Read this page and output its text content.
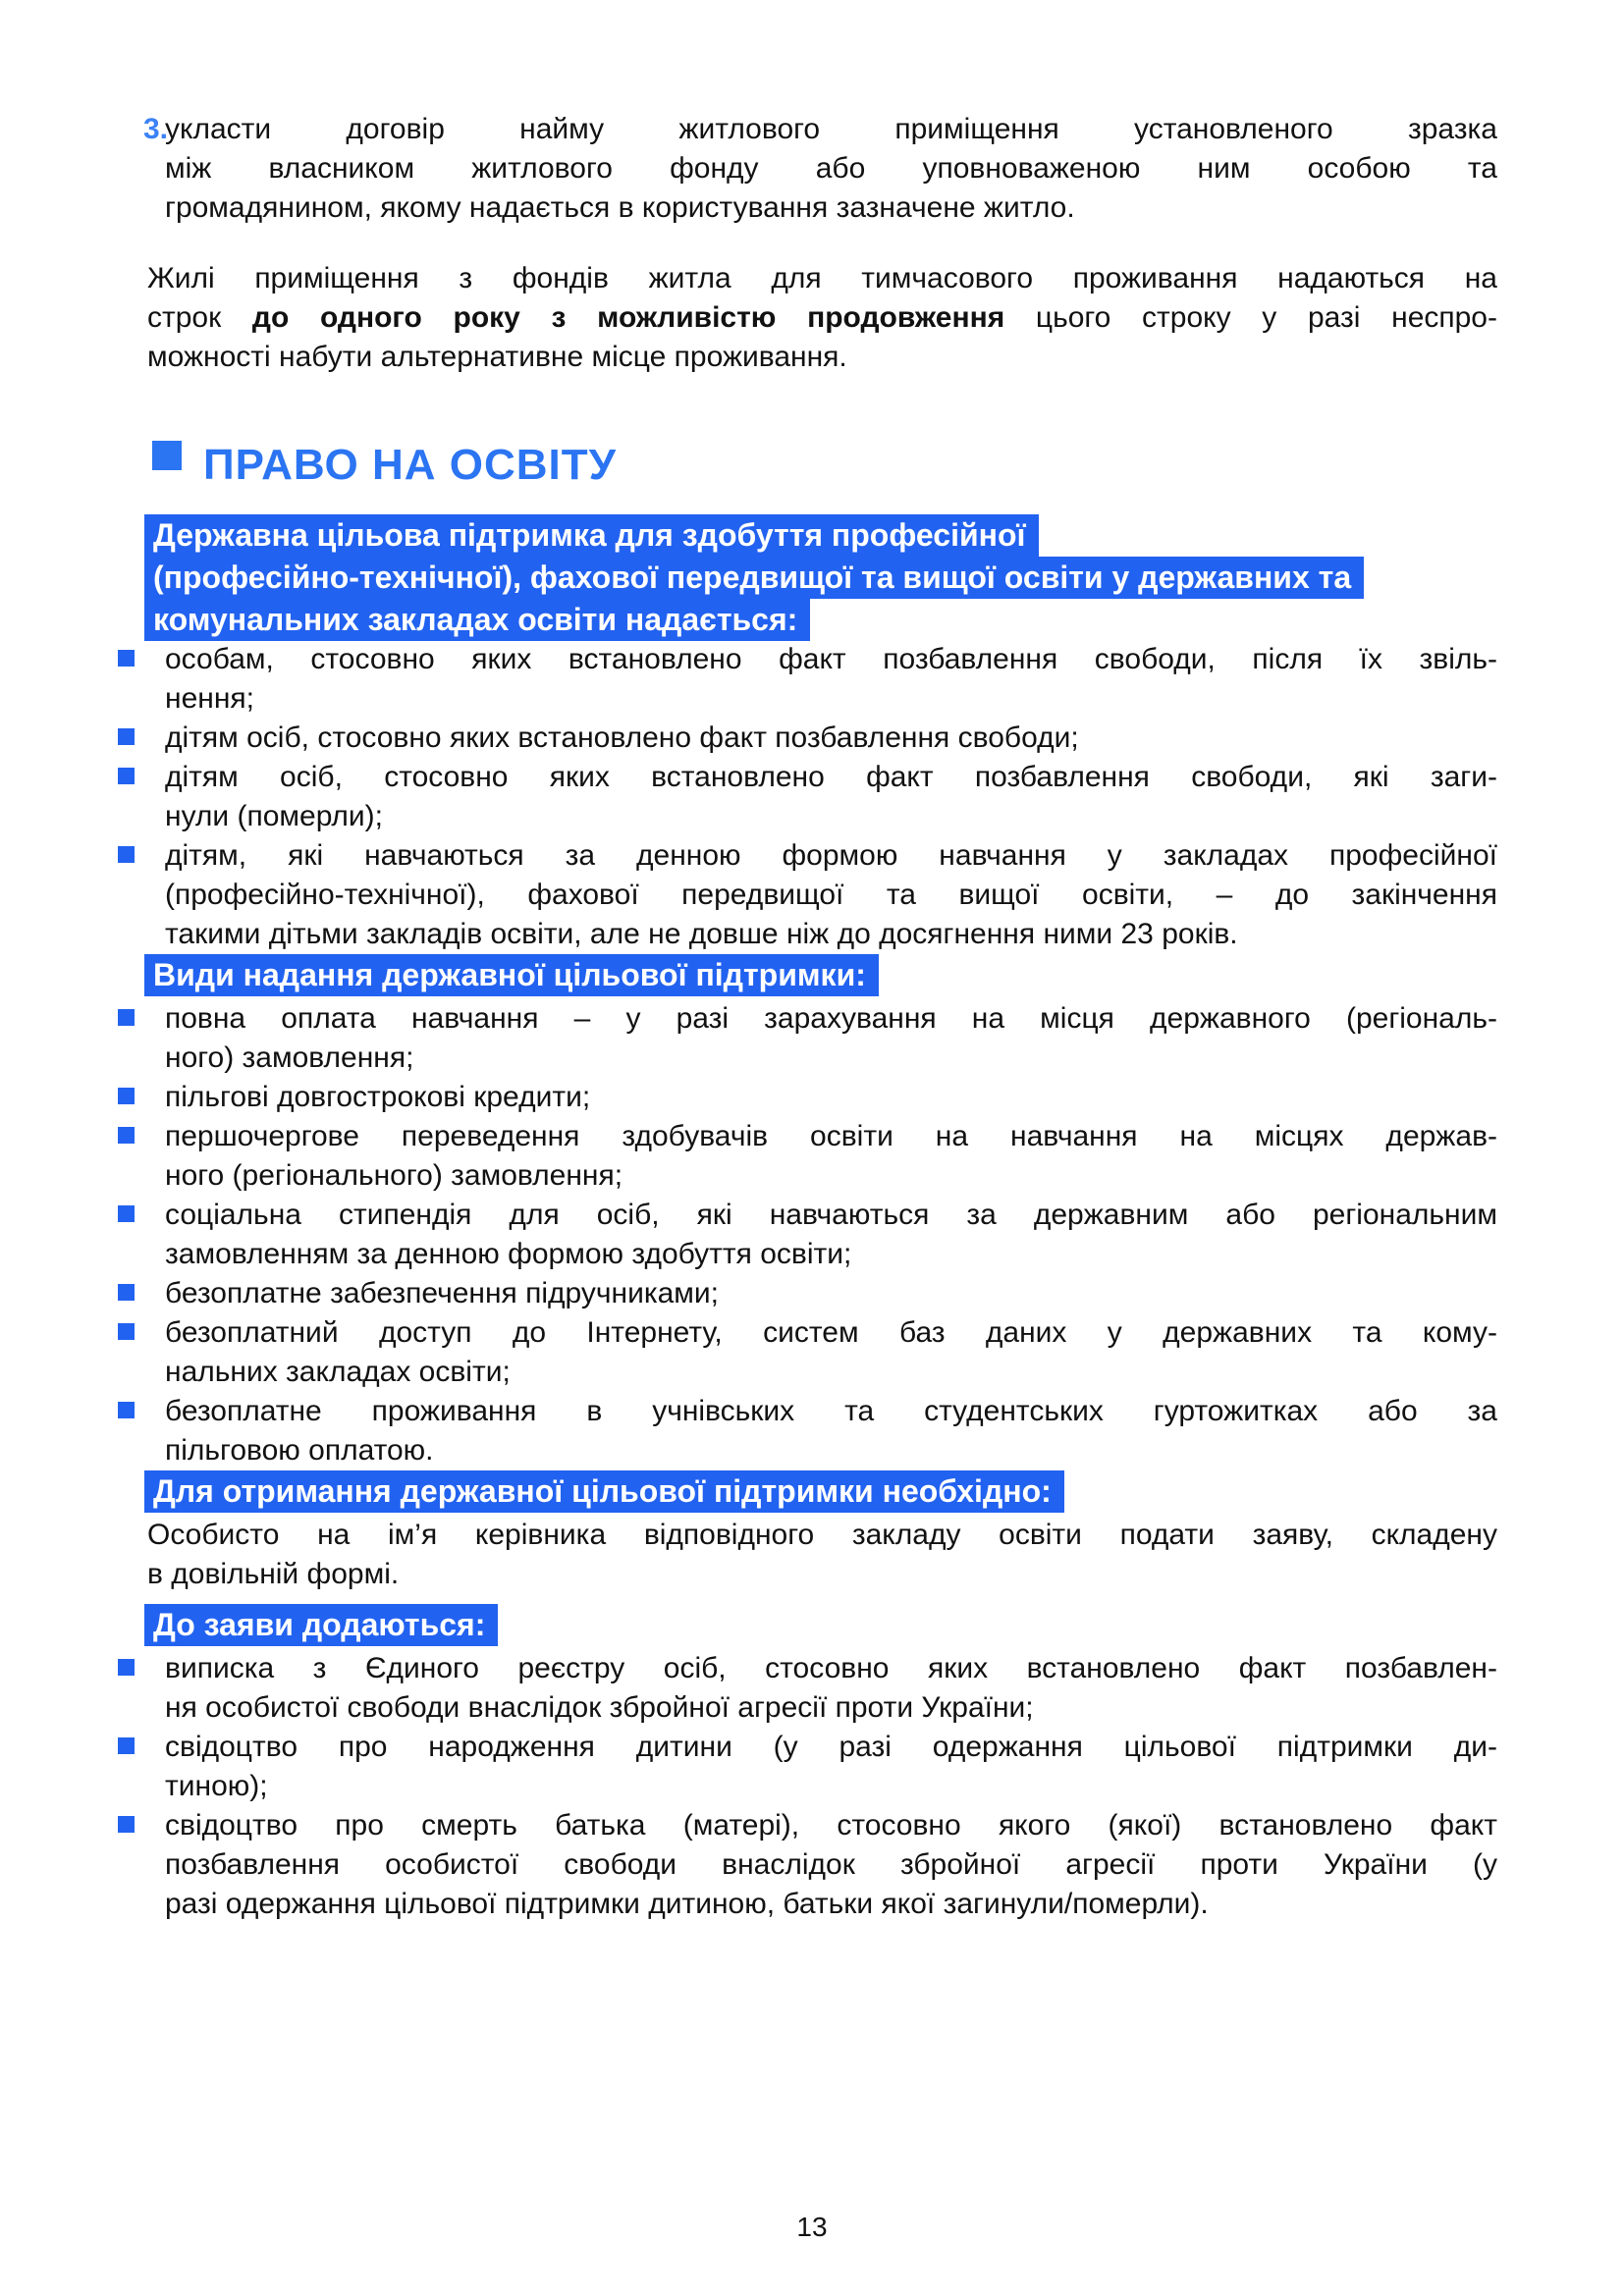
3.
укласти договір найму житлового приміщення установленого зразка
між власником житлового фонду або уповноваженою ним особою та
громадянином, якому надається в користування зазначене житло.
Жилі приміщення з фондів житла для тимчасового проживання надаються на
строк до одного року з можливістю продовження цього строку у разі неспро-
можності набути альтернативне місце проживання.
ПРАВО НА ОСВІТУ
Державна цільова підтримка для здобуття професійної
(професійно-технічної), фахової передвищої та вищої освіти у державних та
комунальних закладах освіти надається:
особам, стосовно яких встановлено факт позбавлення свободи, після їх звіль-
нення;
дітям осіб, стосовно яких встановлено факт позбавлення свободи;
дітям осіб, стосовно яких встановлено факт позбавлення свободи, які заги-
нули (померли);
дітям, які навчаються за денною формою навчання у закладах професійної
(професійно-технічної), фахової передвищої та вищої освіти, – до закінчення
такими дітьми закладів освіти, але не довше ніж до досягнення ними 23 років.
Види надання державної цільової підтримки:
повна оплата навчання – у разі зарахування на місця державного (регіональ-
ного) замовлення;
пільгові довгострокові кредити;
першочергове переведення здобувачів освіти на навчання на місцях держав-
ного (регіонального) замовлення;
соціальна стипендія для осіб, які навчаються за державним або регіональним
замовленням за денною формою здобуття освіти;
безоплатне забезпечення підручниками;
безоплатний доступ до Інтернету, систем баз даних у державних та кому-
нальних закладах освіти;
безоплатне проживання в учнівських та студентських гуртожитках або за
пільговою оплатою.
Для отримання державної цільової підтримки необхідно:
Особисто на ім’я керівника відповідного закладу освіти подати заяву, складену
в довільній формі.
До заяви додаються:
виписка з Єдиного реєстру осіб, стосовно яких встановлено факт позбавлен-
ня особистої свободи внаслідок збройної агресії проти України;
свідоцтво про народження дитини (у разі одержання цільової підтримки ди-
тиною);
свідоцтво про смерть батька (матері), стосовно якого (якої) встановлено факт
позбавлення особистої свободи внаслідок збройної агресії проти України (у
разі одержання цільової підтримки дитиною, батьки якої загинули/померли).
13
